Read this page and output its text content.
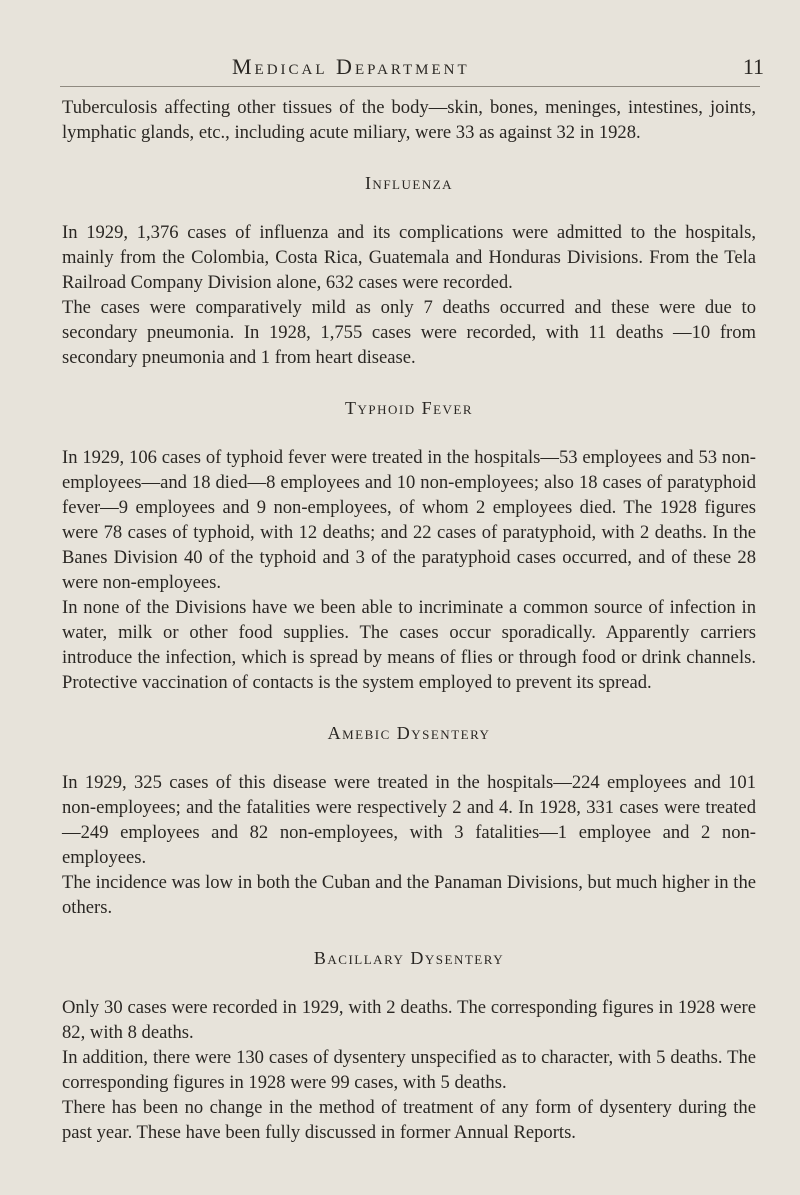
Medical Department	11

Tuberculosis affecting other tissues of the body—skin, bones, meninges, intestines, joints, lymphatic glands, etc., including acute miliary, were 33 as against 32 in 1928.

Influenza

In 1929, 1,376 cases of influenza and its complications were admitted to the hospitals, mainly from the Colombia, Costa Rica, Guatemala and Honduras Divisions. From the Tela Railroad Company Division alone, 632 cases were recorded.

The cases were comparatively mild as only 7 deaths occurred and these were due to secondary pneumonia. In 1928, 1,755 cases were recorded, with 11 deaths —10 from secondary pneumonia and 1 from heart disease.

Typhoid Fever

In 1929, 106 cases of typhoid fever were treated in the hospitals—53 employees and 53 non-employees—and 18 died—8 employees and 10 non-employees; also 18 cases of paratyphoid fever—9 employees and 9 non-employees, of whom 2 employees died. The 1928 figures were 78 cases of typhoid, with 12 deaths; and 22 cases of paratyphoid, with 2 deaths. In the Banes Division 40 of the typhoid and 3 of the paratyphoid cases occurred, and of these 28 were non-employees.

In none of the Divisions have we been able to incriminate a common source of infection in water, milk or other food supplies. The cases occur sporadically. Apparently carriers introduce the infection, which is spread by means of flies or through food or drink channels. Protective vaccination of contacts is the system employed to prevent its spread.

Amebic Dysentery

In 1929, 325 cases of this disease were treated in the hospitals—224 employees and 101 non-employees; and the fatalities were respectively 2 and 4. In 1928, 331 cases were treated—249 employees and 82 non-employees, with 3 fatalities—1 employee and 2 non-employees.

The incidence was low in both the Cuban and the Panaman Divisions, but much higher in the others.

Bacillary Dysentery

Only 30 cases were recorded in 1929, with 2 deaths. The corresponding figures in 1928 were 82, with 8 deaths.

In addition, there were 130 cases of dysentery unspecified as to character, with 5 deaths. The corresponding figures in 1928 were 99 cases, with 5 deaths.

There has been no change in the method of treatment of any form of dysentery during the past year. These have been fully discussed in former Annual Reports.
